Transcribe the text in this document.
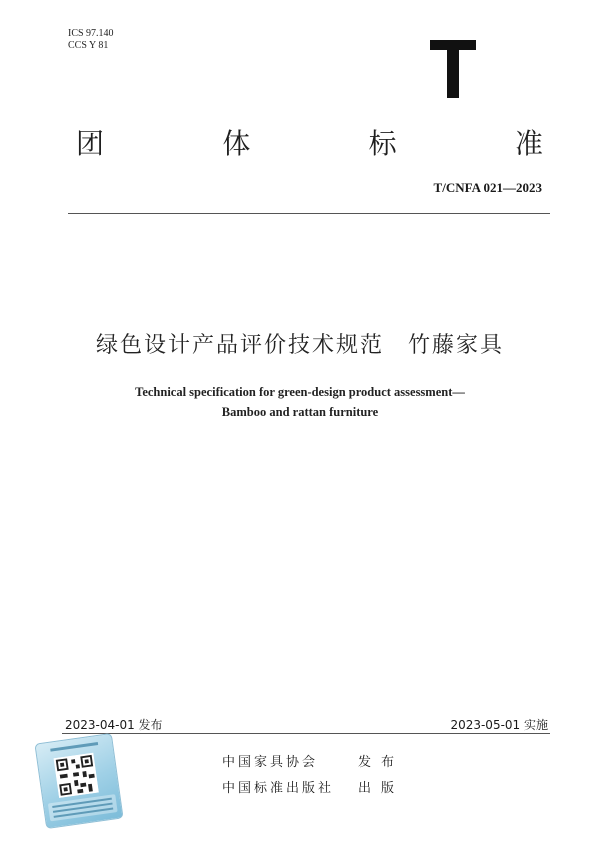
ICS 97.140
CCS Y 81
团	体	标	准
T/CNFA 021—2023
绿色设计产品评价技术规范　竹藤家具
Technical specification for green-design product assessment—
Bamboo and rattan furniture
2023-04-01 发布	2023-05-01 实施
中国家具协会	发布
中国标准出版社	出版
